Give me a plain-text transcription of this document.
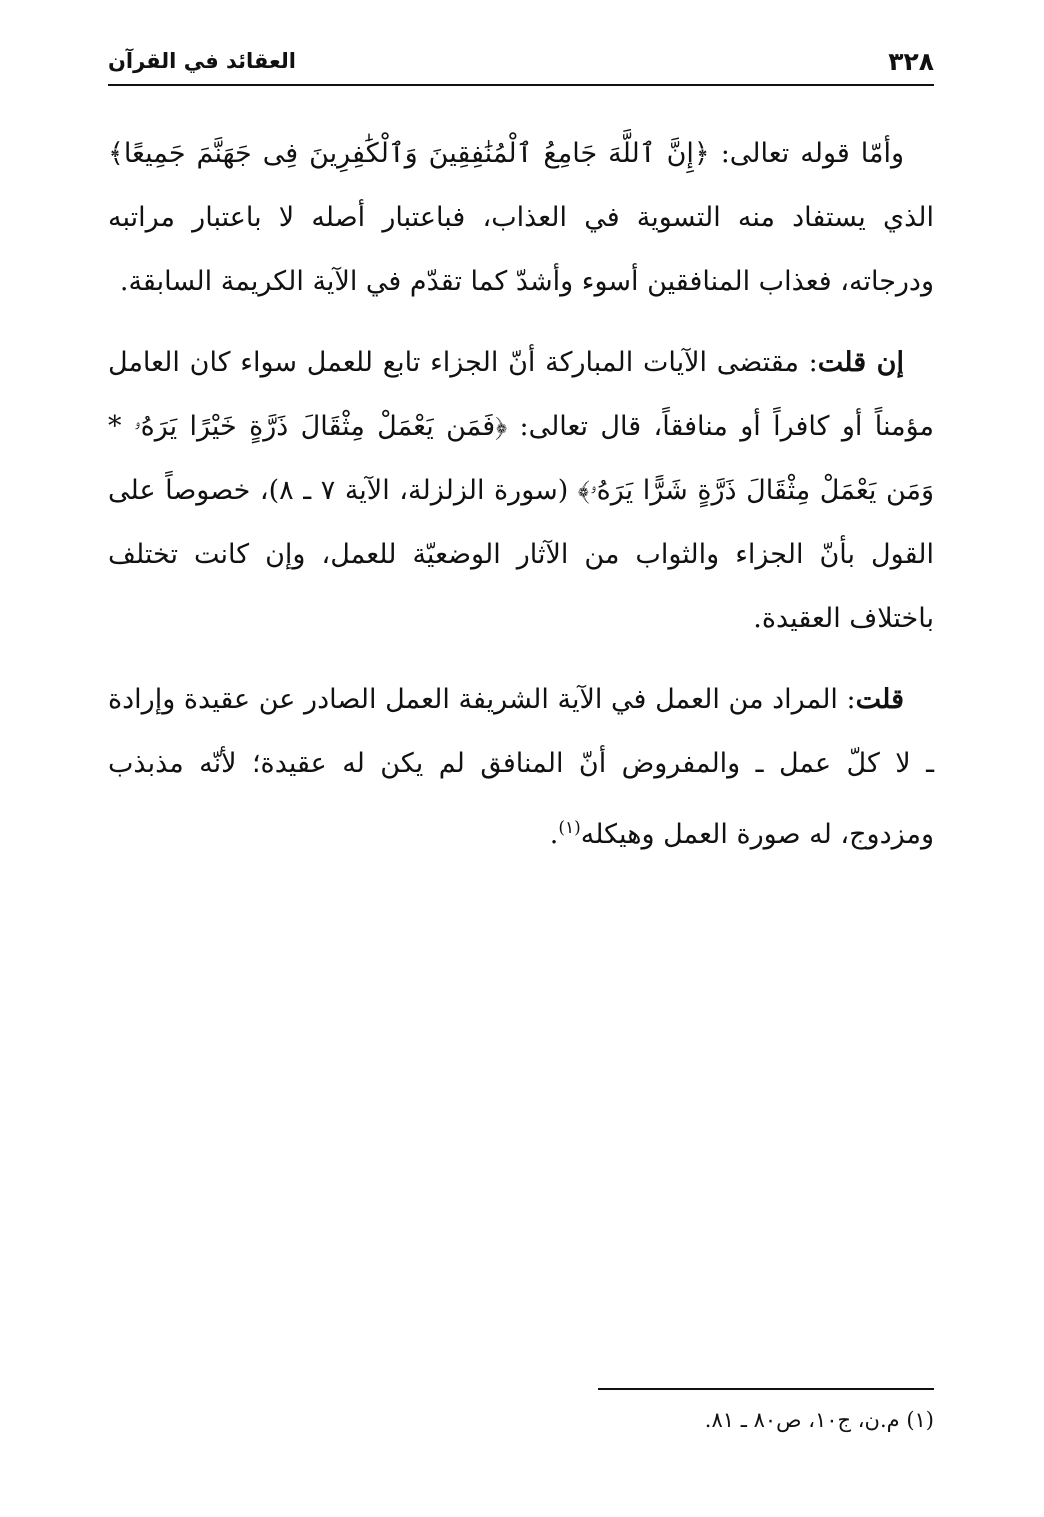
العقائد في القرآن	٣٢٨

وأمّا قوله تعالى: ﴿إِنَّ ٱللَّهَ جَامِعُ ٱلْمُنَٰفِقِينَ وَٱلْكَٰفِرِينَ فِى جَهَنَّمَ جَمِيعًا﴾ الذي يستفاد منه التسوية في العذاب، فباعتبار أصله لا باعتبار مراتبه ودرجاته، فعذاب المنافقين أسوء وأشدّ كما تقدّم في الآية الكريمة السابقة.

إن قلت: مقتضى الآيات المباركة أنّ الجزاء تابع للعمل سواء كان العامل مؤمناً أو كافراً أو منافقاً، قال تعالى: ﴿فَمَن يَعْمَلْ مِثْقَالَ ذَرَّةٍ خَيْرًا يَرَهُۥ * وَمَن يَعْمَلْ مِثْقَالَ ذَرَّةٍ شَرًّا يَرَهُۥ﴾ (سورة الزلزلة، الآية ٧ ـ ٨)، خصوصاً على القول بأنّ الجزاء والثواب من الآثار الوضعيّة للعمل، وإن كانت تختلف باختلاف العقيدة.

قلت: المراد من العمل في الآية الشريفة العمل الصادر عن عقيدة وإرادة ـ لا كلّ عمل ـ والمفروض أنّ المنافق لم يكن له عقيدة؛ لأنّه مذبذب ومزدوج، له صورة العمل وهيكله$^{(١)}$.

(١) م.ن، ج١٠، ص٨٠ ـ ٨١.
